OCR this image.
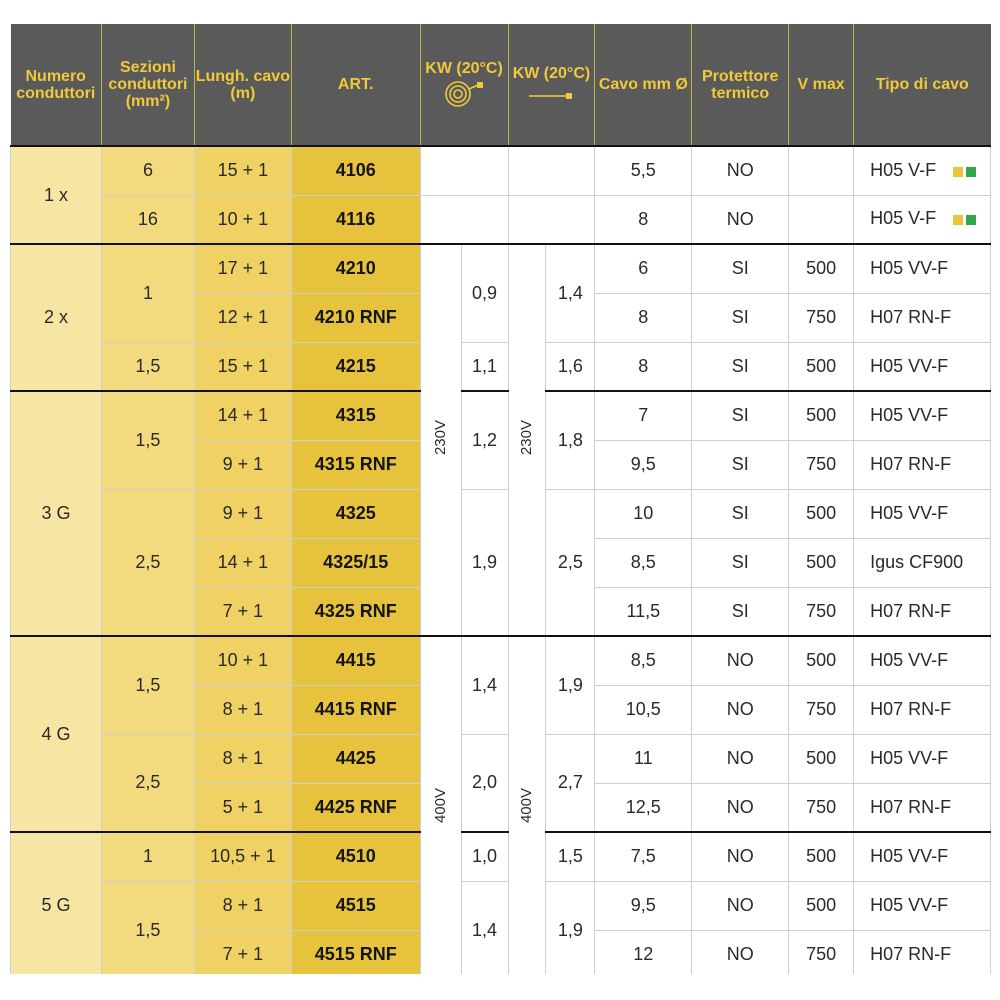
Numero conduttori	Sezioni conduttori (mm²)	Lungh. cavo (m)	ART.	KW (20°C)		KW (20°C)		Cavo mm Ø	Protettore termico	V max	Tipo di cavo
1 x	6	15 + 1	4106					5,5	NO		H05 V-F
	16	10 + 1	4116					8	NO		H05 V-F
2 x	1	17 + 1	4210	230V	0,9	230V	1,4	6	SI	500	H05 VV-F
		12 + 1	4210 RNF					8	SI	750	H07 RN-F
	1,5	15 + 1	4215		1,1		1,6	8	SI	500	H05 VV-F
3 G	1,5	14 + 1	4315		1,2		1,8	7	SI	500	H05 VV-F
		9 + 1	4315 RNF					9,5	SI	750	H07 RN-F
	2,5	9 + 1	4325		1,9		2,5	10	SI	500	H05 VV-F
		14 + 1	4325/15					8,5	SI	500	Igus CF900
		7 + 1	4325 RNF					11,5	SI	750	H07 RN-F
4 G	1,5	10 + 1	4415	400V	1,4	400V	1,9	8,5	NO	500	H05 VV-F
		8 + 1	4415 RNF					10,5	NO	750	H07 RN-F
	2,5	8 + 1	4425		2,0		2,7	11	NO	500	H05 VV-F
		5 + 1	4425 RNF					12,5	NO	750	H07 RN-F
5 G	1	10,5 + 1	4510		1,0		1,5	7,5	NO	500	H05 VV-F
	1,5	8 + 1	4515		1,4		1,9	9,5	NO	500	H05 VV-F
		7 + 1	4515 RNF					12	NO	750	H07 RN-F
